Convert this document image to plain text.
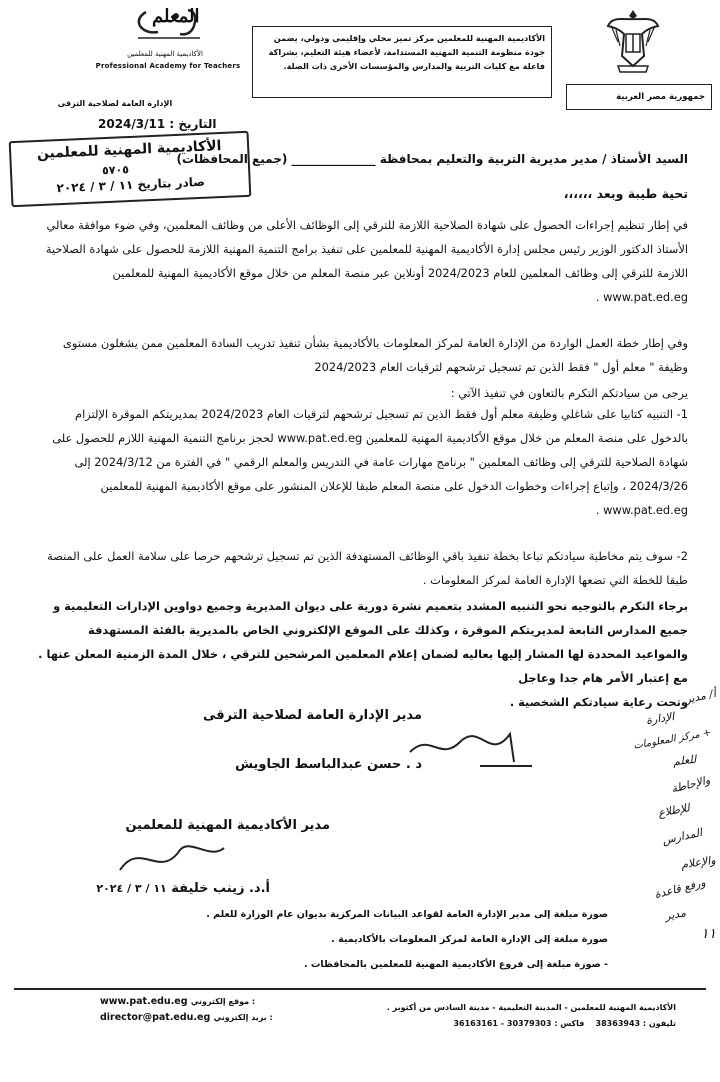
الأكاديمية المهنية للمعلمين مركز تميز محلي وإقليمي ودولي، يضمن جودة منظومة التنمية المهنية المستدامة، لأعضاء هيئة التعليم، بشراكة فاعلة مع كليات التربية والمدارس والمؤسسات الأخرى ذات الصلة.

جمهورية مصر العربية
المعلم
الأكاديمية المهنية للمعلمين
Professional Academy for Teachers
الإدارة العامة لصلاحية الترقى
التاريخ : 2024/3/11
الأكاديمية المهنية للمعلمين
٥٧٠٥
صادر بتاريخ ١١ / ٣ / ٢٠٢٤
السيد الأستاذ / مدير مديرية التربية والتعليم بمحافظة ______________ (جميع المحافظات)
تحية طيبة وبعد ،،،،،،
في إطار تنظيم إجراءات الحصول على شهادة الصلاحية اللازمة للترقي إلى الوظائف الأعلى من وظائف المعلمين، وفي ضوء موافقة معالي الأستاذ الدكتور الوزير رئيس مجلس إدارة الأكاديمية المهنية للمعلمين على تنفيذ برامج التنمية المهنية اللازمة للحصول على شهادة الصلاحية اللازمة للترقي إلى وظائف المعلمين للعام 2024/2023 أونلاين عبر منصة المعلم من خلال موقع الأكاديمية المهنية للمعلمين www.pat.ed.eg .
وفي إطار خطة العمل الواردة من الإدارة العامة لمركز المعلومات بالأكاديمية بشأن تنفيذ تدريب السادة المعلمين ممن يشغلون مستوى وظيفة " معلم أول " فقط الذين تم تسجيل ترشحهم لترقيات العام 2024/2023
يرجى من سيادتكم التكرم بالتعاون في تنفيذ الآتي :
1- التنبيه كتابيا على شاغلي وظيفة معلم أول فقط الذين تم تسجيل ترشحهم لترقيات العام 2024/2023 بمديريتكم الموقرة الإلتزام بالدخول على منصة المعلم من خلال موقع الأكاديمية المهنية للمعلمين www.pat.ed.eg لحجز برنامج التنمية المهنية اللازم للحصول على شهادة الصلاحية للترقي إلى وظائف المعلمين " برنامج مهارات عامة في التدريس والمعلم الرقمي " في الفترة من 2024/3/12 إلى 2024/3/26 ، وإتباع إجراءات وخطوات الدخول على منصة المعلم طبقا للإعلان المنشور على موقع الأكاديمية المهنية للمعلمين www.pat.ed.eg .
2- سوف يتم مخاطبة سيادتكم تباعا بخطة تنفيذ باقي الوظائف المستهدفة الذين تم تسجيل ترشحهم حرصا على سلامة العمل على المنصة طبقا للخطة التي تضعها الإدارة العامة لمركز المعلومات .
برجاء التكرم بالتوجيه نحو التنبيه المشدد بتعميم نشرة دورية على ديوان المديرية وجميع دواوين الإدارات التعليمية و جميع المدارس التابعة لمديريتكم الموقرة ، وكذلك على الموقع الإلكتروني الخاص بالمديرية بالفئة المستهدفة والمواعيد المحددة لها المشار إليها بعاليه لضمان إعلام المعلمين المرشحين للترقي ، خلال المدة الزمنية المعلن عنها . مع إعتبار الأمر هام جدا وعاجل
وتحت رعاية سيادتكم الشخصية .
مدير الإدارة العامة لصلاحية الترقى
د . حسن عبدالباسط الجاويش
مدير الأكاديمية المهنية للمعلمين
أ.د. زينب خليفة ١١ / ٣ / ٢٠٢٤
صورة مبلغة إلى مدير الإدارة العامة لقواعد البيانات المركزية بديوان عام الوزارة للعلم .
صورة مبلغة إلى الإدارة العامة لمركز المعلومات بالأكاديمية .
- صورة مبلغة إلى فروع الأكاديمية المهنية للمعلمين بالمحافظات .
أ/ مدير
الإدارة
+ مركز المعلومات
للعلم
والإحاطة
للإطلاع
المدارس
والإعلام
ورفع قاعدة
مدير
١١
www.pat.edu.eg موقع إلكتروني :
director@pat.edu.eg بريد إلكتروني :
الأكاديمية المهنية للمعلمين - المدينة التعليمية - مدينة السادس من أكتوبر .
تليفون : 38363943    فاكس : 36163161 - 30379303
